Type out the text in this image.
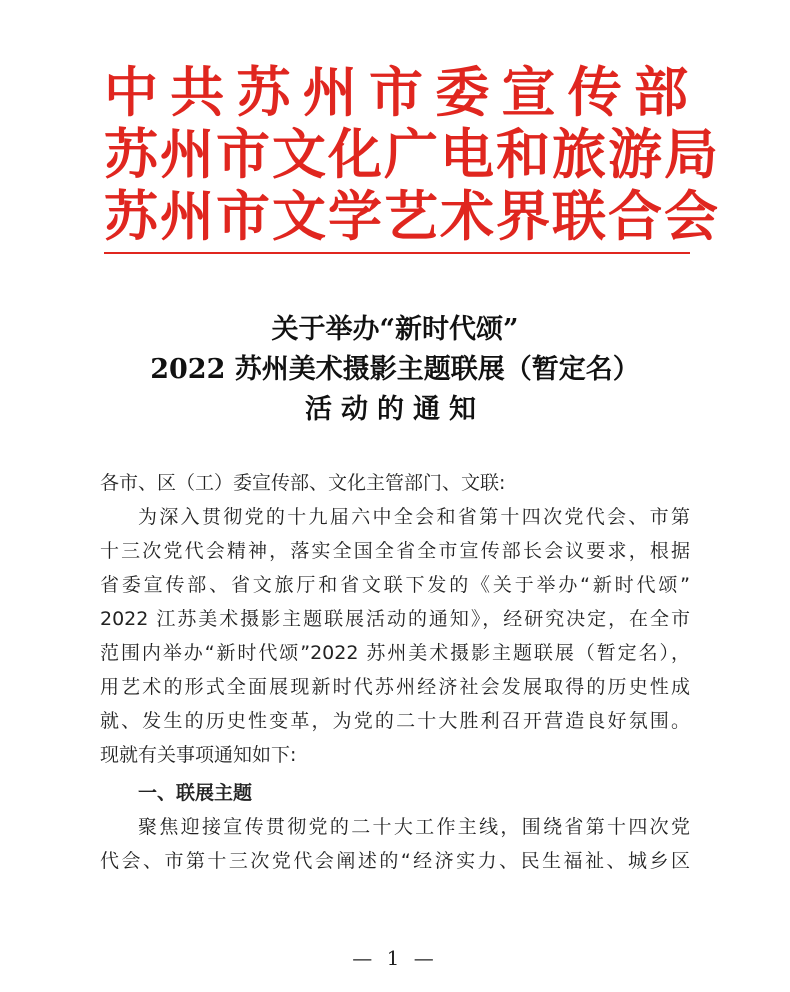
中共苏州市委宣传部
苏州市文化广电和旅游局
苏州市文学艺术界联合会
关于举办“新时代颂”
2022 苏州美术摄影主题联展（暂定名）
活动的通知
各市、区（工）委宣传部、文化主管部门、文联:
为深入贯彻党的十九届六中全会和省第十四次党代会、市第
十三次党代会精神，落实全国全省全市宣传部长会议要求，根据
省委宣传部、省文旅厅和省文联下发的《关于举办“新时代颂”
2022 江苏美术摄影主题联展活动的通知》，经研究决定，在全市
范围内举办“新时代颂”2022 苏州美术摄影主题联展（暂定名），
用艺术的形式全面展现新时代苏州经济社会发展取得的历史性成
就、发生的历史性变革，为党的二十大胜利召开营造良好氛围。
现就有关事项通知如下:
一、联展主题
聚焦迎接宣传贯彻党的二十大工作主线，围绕省第十四次党
代会、市第十三次党代会阐述的“经济实力、民生福祉、城乡区
— 1 —
